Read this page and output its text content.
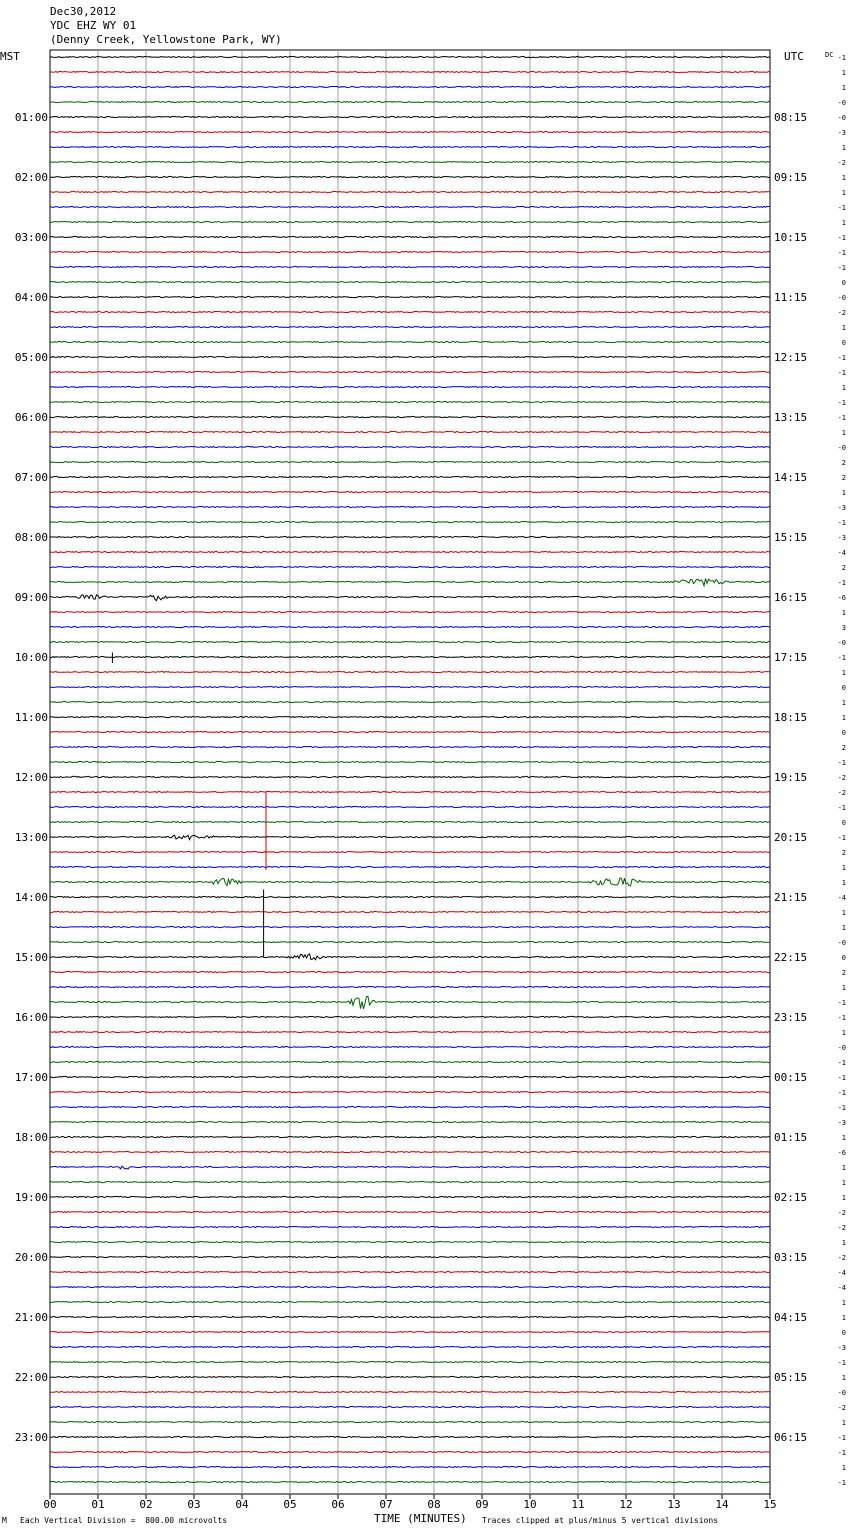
Dec30,2012
YDC EHZ WY 01
(Denny Creek, Yellowstone Park, WY)
MST	UTC	-1
1
1
-0
-0
-3
1
-2
1
1
-1
1
-1
-1
-1
0
-0
-2
1
0
-1
-1
1
-1
-1
1
-0
2
2
1
-3
-1
-3
-4
2
-1
-6
1
3
-0
-1
1
0
1
1
0
2
-1
-2
-2
-1
0
-1
2
1
1
-4
1
1
-0
0
2
1
-1
-1
1
-0
-1
-1
-1
-1
-3
1
-6
1
1
1
-2
-2
1
-2
-4
-4
1
1
0
-3
-1
1
-0
-2
1
-1
-1
1
-1
DC
01:00
02:00
03:00
04:00
05:00
06:00
07:00
08:00
09:00
10:00
11:00
12:00
13:00
14:00
15:00
16:00
17:00
18:00
19:00
20:00
21:00
22:00
23:00
08:15
09:15
10:15
11:15
12:15
13:15
14:15
15:15
16:15
17:15
18:15
19:15
20:15
21:15
22:15
23:15
00:15
01:15
02:15
03:15
04:15
05:15
06:15
00	01	02	03	04	05	06	07	08	09	10	11	12	13	14	15
M Each Vertical Division =  800.00 microvolts	TIME (MINUTES) Traces clipped at plus/minus 5 vertical divisions
